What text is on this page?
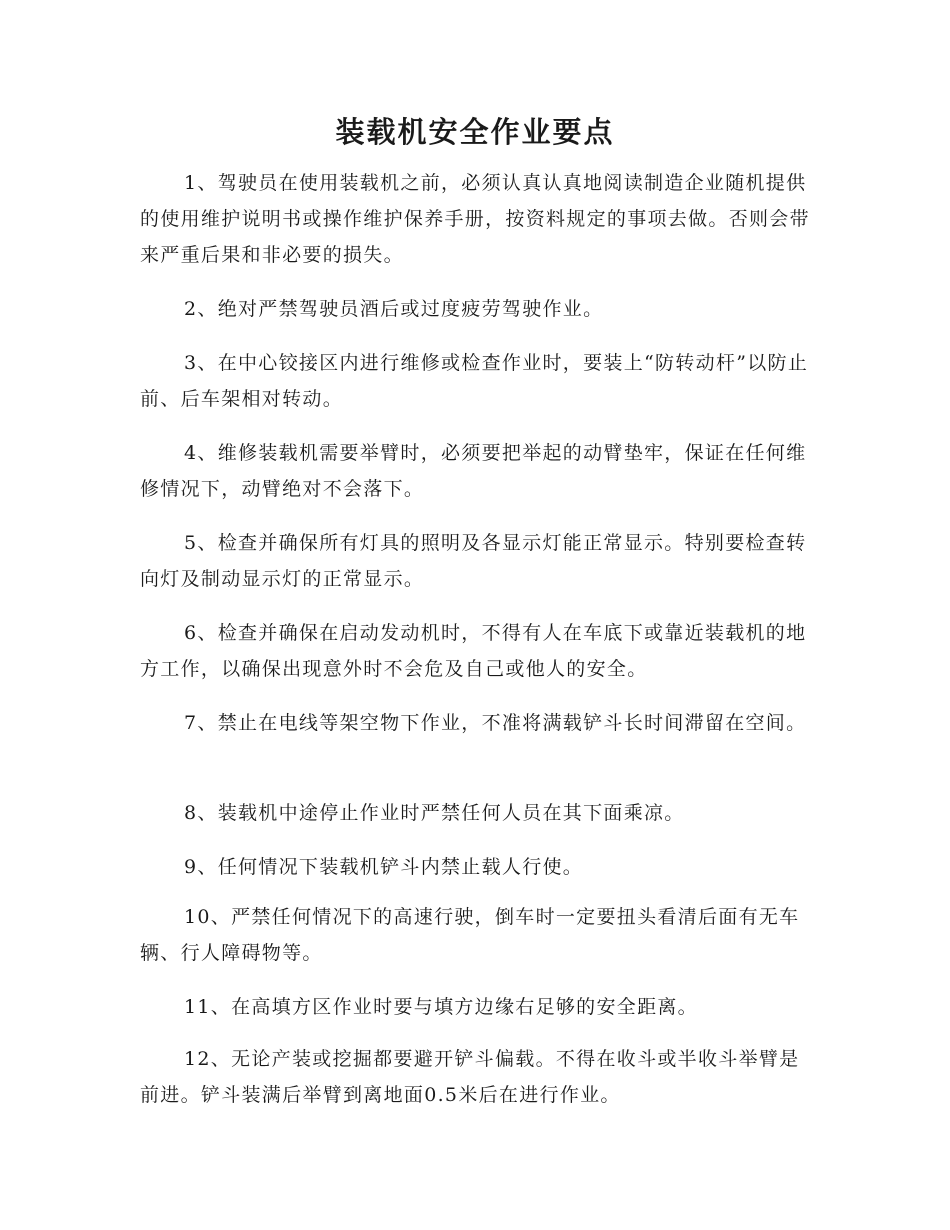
装载机安全作业要点

1、驾驶员在使用装载机之前，必须认真认真地阅读制造企业随机提供的使用维护说明书或操作维护保养手册，按资料规定的事项去做。否则会带来严重后果和非必要的损失。

2、绝对严禁驾驶员酒后或过度疲劳驾驶作业。

3、在中心铰接区内进行维修或检查作业时，要装上“防转动杆”以防止前、后车架相对转动。

4、维修装载机需要举臂时，必须要把举起的动臂垫牢，保证在任何维修情况下，动臂绝对不会落下。

5、检查并确保所有灯具的照明及各显示灯能正常显示。特别要检查转向灯及制动显示灯的正常显示。

6、检查并确保在启动发动机时，不得有人在车底下或靠近装载机的地方工作，以确保出现意外时不会危及自己或他人的安全。

7、禁止在电线等架空物下作业，不准将满载铲斗长时间滞留在空间。

8、装载机中途停止作业时严禁任何人员在其下面乘凉。

9、任何情况下装载机铲斗内禁止载人行使。

10、严禁任何情况下的高速行驶，倒车时一定要扭头看清后面有无车辆、行人障碍物等。

11、在高填方区作业时要与填方边缘右足够的安全距离。

12、无论产装或挖掘都要避开铲斗偏载。不得在收斗或半收斗举臂是前进。铲斗装满后举臂到离地面0.5米后在进行作业。
